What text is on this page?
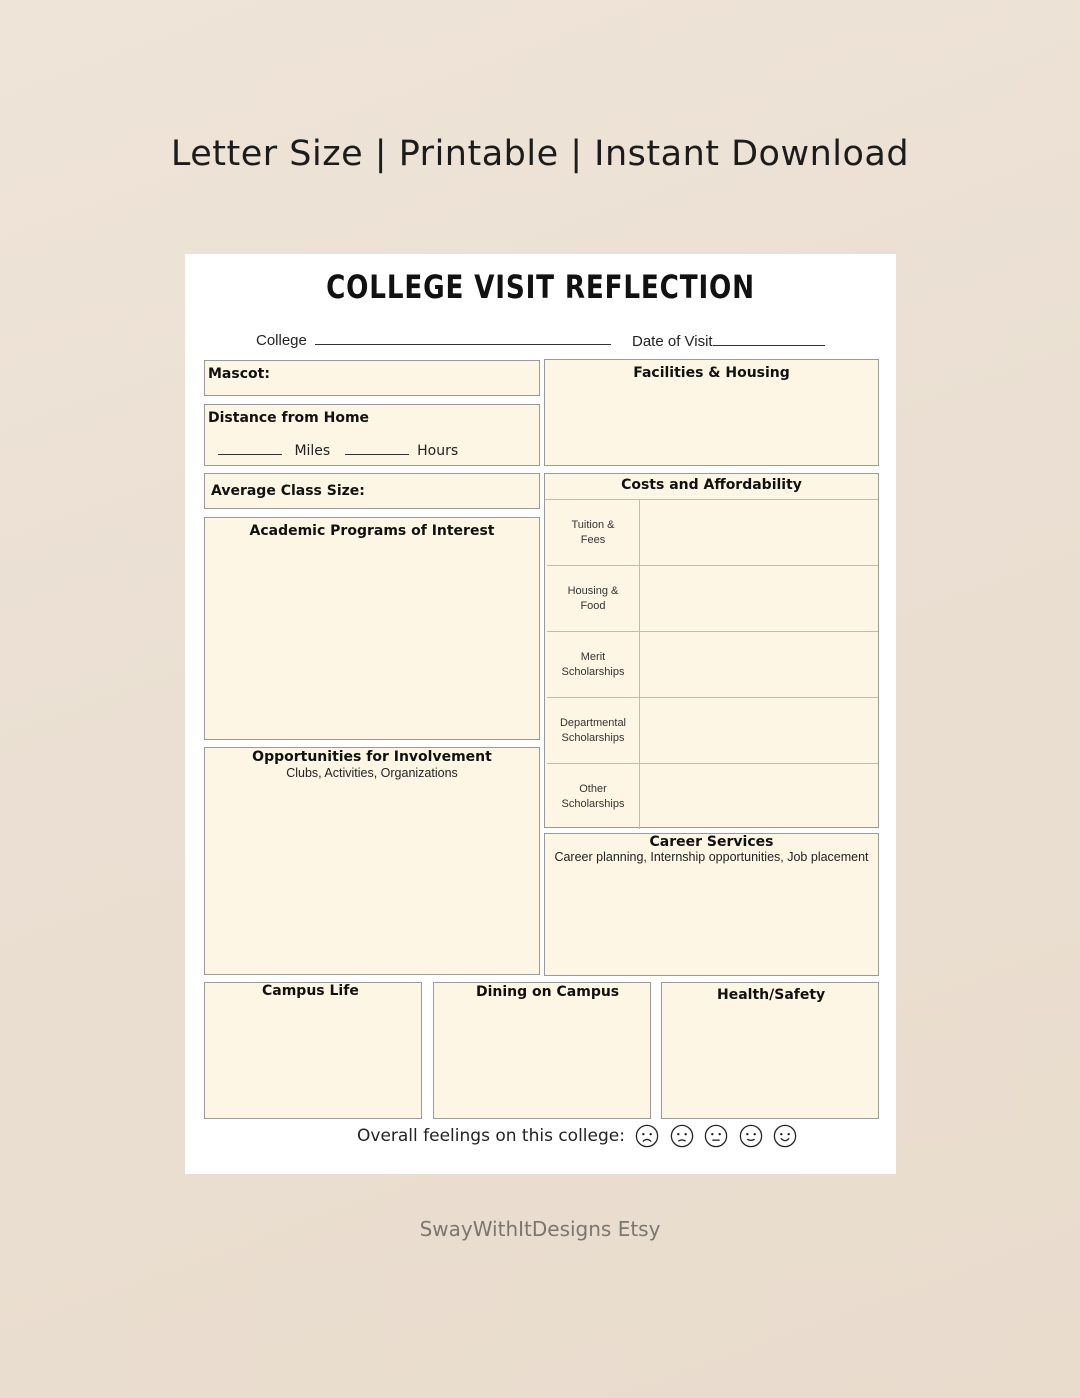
Letter Size | Printable | Instant Download
COLLEGE VISIT REFLECTION
College	Date of Visit
Mascot:
Distance from Home
Miles	Hours
Average Class Size:
Academic Programs of Interest
Opportunities for Involvement
Clubs, Activities, Organizations
Facilities & Housing
Costs and Affordability
Tuition &
Fees
Housing &
Food
Merit
Scholarships
Departmental
Scholarships
Other
Scholarships
Career Services
Career planning, Internship opportunities, Job placement
Campus Life	Dining on Campus	Health/Safety
Overall feelings on this college:
SwayWithItDesigns Etsy
